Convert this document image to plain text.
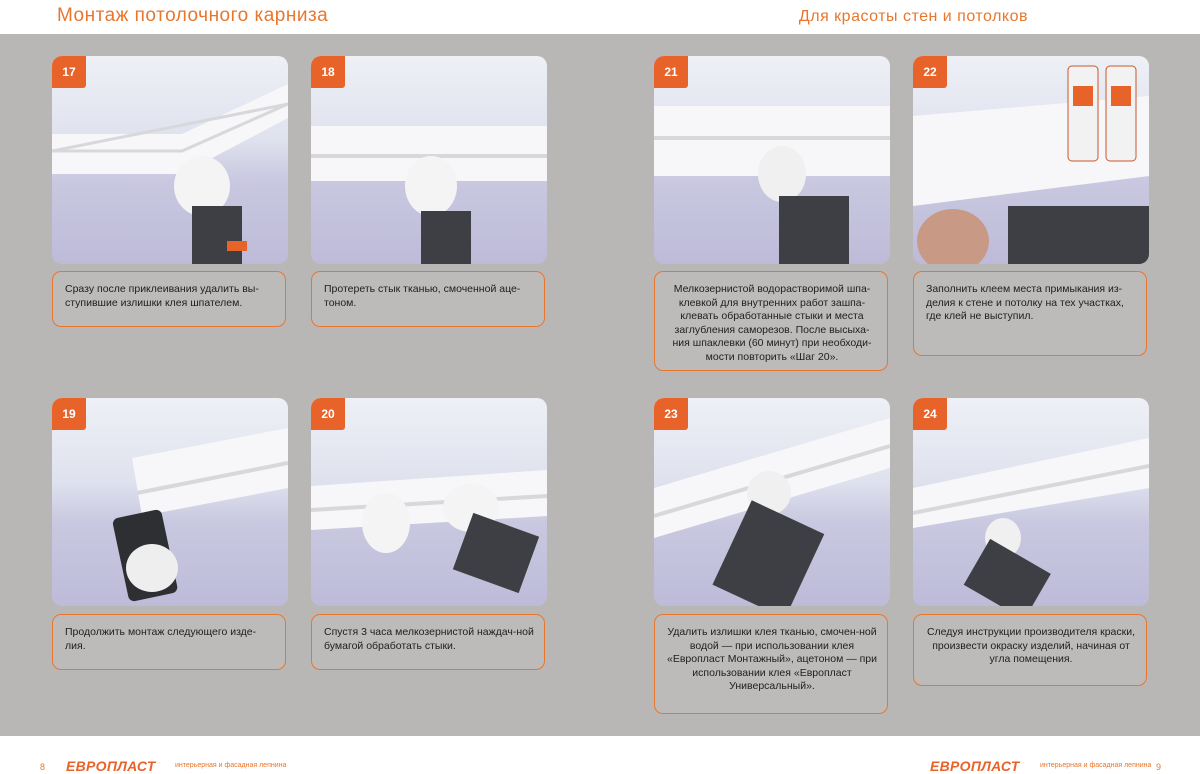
Монтаж потолочного карниза	Для красоты стен и потолков
17
Сразу после приклеивания удалить вы-ступившие излишки клея шпателем.
18
Протереть стык тканью, смоченной аце-тоном.
19
Продолжить монтаж следующего изде-лия.
20
Спустя 3 часа мелкозернистой наждач-ной бумагой обработать стыки.
21
Мелкозернистой водорастворимой шпа-клевкой для внутренних работ зашпа-клевать обработанные стыки и места заглубления саморезов. После высыха-ния шпаклевки (60 минут) при необходи-мости повторить «Шаг 20».
22
Заполнить клеем места примыкания из-делия к стене и потолку на тех участках, где клей не выступил.
23
Удалить излишки клея тканью, смочен-ной водой — при использовании клея «Европласт Монтажный», ацетоном — при использовании клея «Европласт Универсальный».
24
Следуя инструкции производителя краски, произвести окраску изделий, начиная от угла помещения.
8 ЕВРОПЛАСТ	интерьерная и фасадная лепнина	ЕВРОПЛАСТ	интерьерная и фасадная лепнина 9
